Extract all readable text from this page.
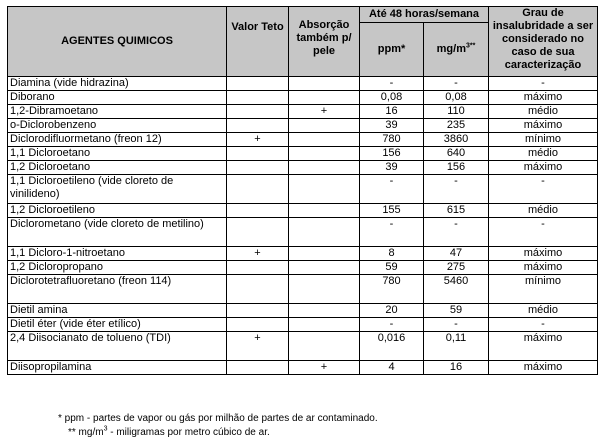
AGENTES QUIMICOS	Valor Teto	Absorção também p/ pele	Até 48 horas/semana		Grau de insalubridade a ser considerado no caso de sua caracterização
			ppm*	$mg/m^{3**}$
Diamina (vide hidrazina)			-	-	-
Diborano			0,08	0,08	máximo
1,2-Dibramoetano		+	16	110	médio
o-Diclorobenzeno			39	235	máximo
Diclorodifluormetano (freon 12)	+		780	3860	mínimo
1,1 Dicloroetano			156	640	médio
1,2 Dicloroetano			39	156	máximo
1,1 Dicloroetileno (vide cloreto de vinilideno)			-	-	-
1,2 Dicloroetileno			155	615	médio
Diclorometano (vide cloreto de metilino)			-	-	-
1,1 Dicloro-1-nitroetano	+		8	47	máximo
1,2 Dicloropropano			59	275	máximo
Diclorotetrafluoretano (freon 114)			780	5460	mínimo
Dietil amina			20	59	médio
Dietil éter (vide éter etílico)			-	-	-
2,4 Diisocianato de tolueno (TDI)	+		0,016	0,11	máximo
Diisopropilamina		+	4	16	máximo
* ppm - partes de vapor ou gás por milhão de partes de ar contaminado.
** $mg/m^3$ - miligramas por metro cúbico de ar.
